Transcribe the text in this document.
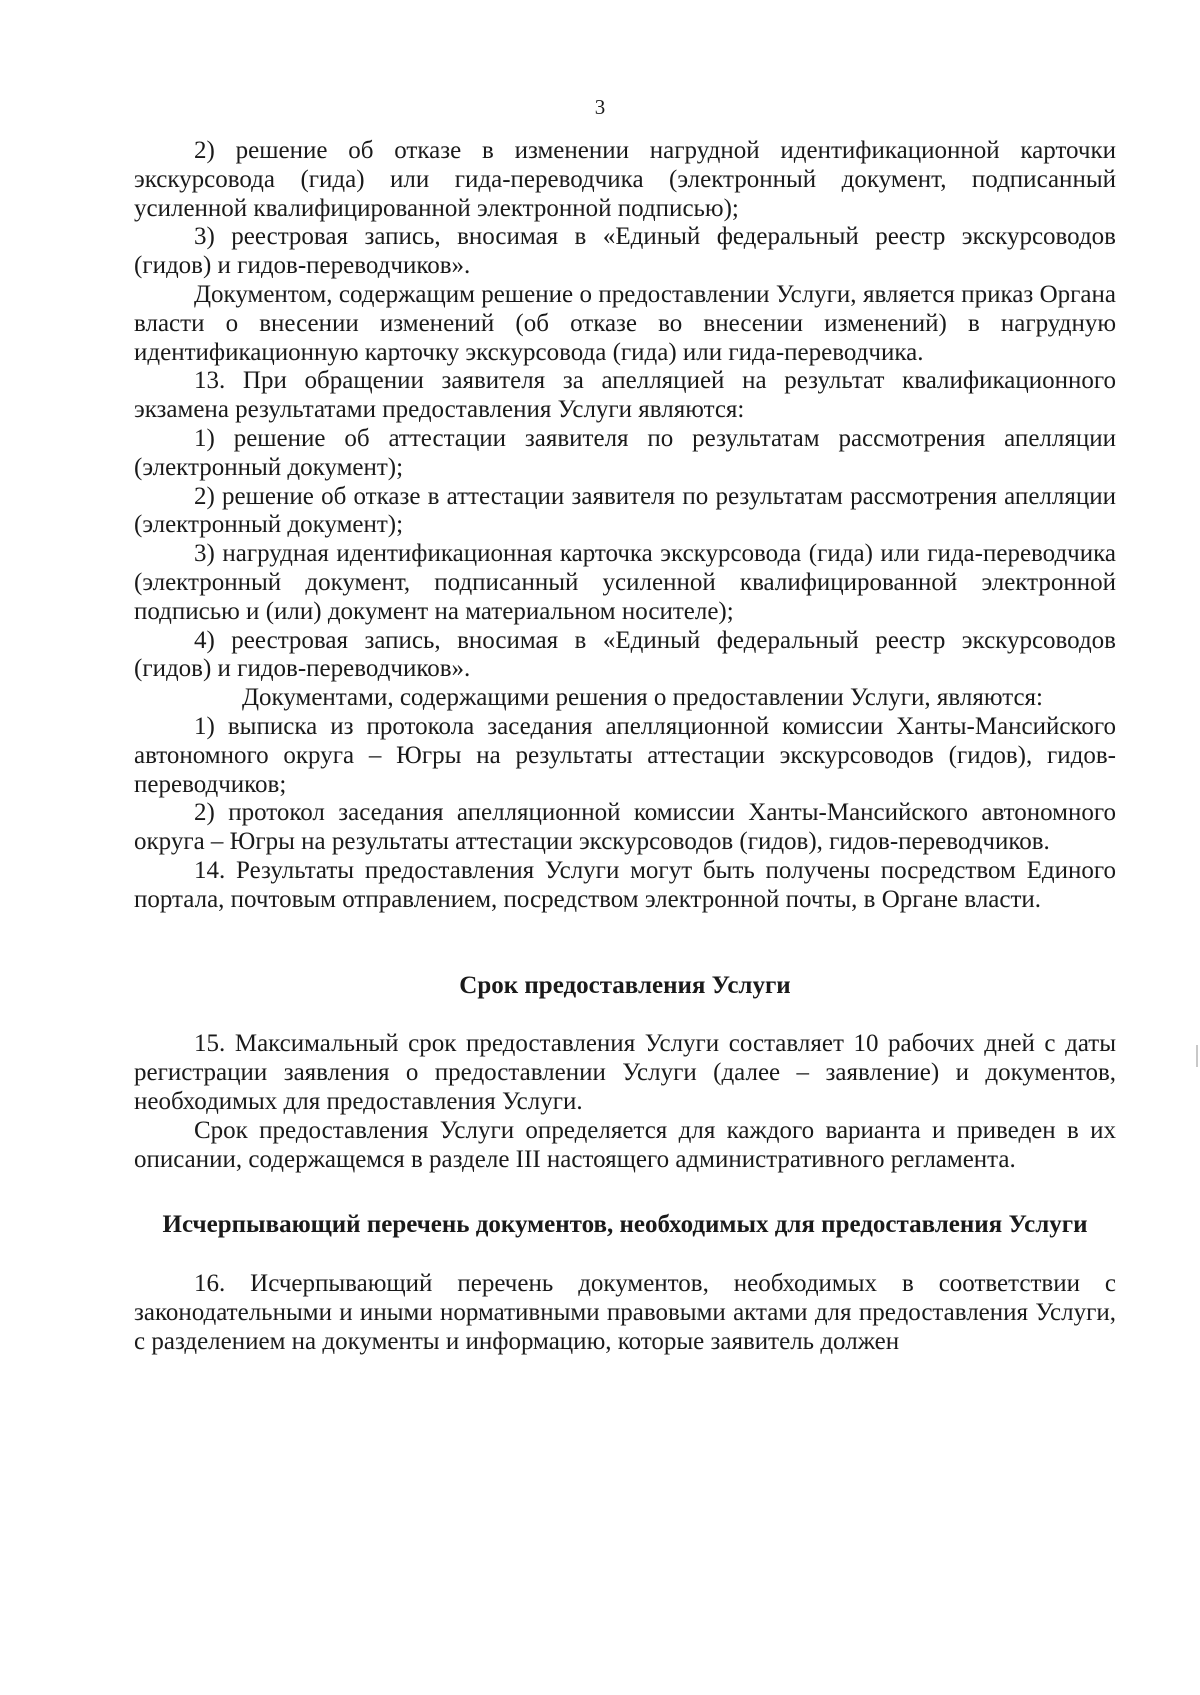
3

2) решение об отказе в изменении нагрудной идентификационной карточки экскурсовода (гида) или гида-переводчика (электронный документ, подписанный усиленной квалифицированной электронной подписью);

3) реестровая запись, вносимая в «Единый федеральный реестр экскурсоводов (гидов) и гидов-переводчиков».

Документом, содержащим решение о предоставлении Услуги, является приказ Органа власти о внесении изменений (об отказе во внесении изменений) в нагрудную идентификационную карточку экскурсовода (гида) или гида-переводчика.

13. При обращении заявителя за апелляцией на результат квалификационного экзамена результатами предоставления Услуги являются:

1) решение об аттестации заявителя по результатам рассмотрения апелляции (электронный документ);

2) решение об отказе в аттестации заявителя по результатам рассмотрения апелляции (электронный документ);

3) нагрудная идентификационная карточка экскурсовода (гида) или гида-переводчика (электронный документ, подписанный усиленной квалифицированной электронной подписью и (или) документ на материальном носителе);

4) реестровая запись, вносимая в «Единый федеральный реестр экскурсоводов (гидов) и гидов-переводчиков».

Документами, содержащими решения о предоставлении Услуги, являются:

1) выписка из протокола заседания апелляционной комиссии Ханты-Мансийского автономного округа – Югры на результаты аттестации экскурсоводов (гидов), гидов-переводчиков;

2) протокол заседания апелляционной комиссии Ханты-Мансийского автономного округа – Югры на результаты аттестации экскурсоводов (гидов), гидов-переводчиков.

14. Результаты предоставления Услуги могут быть получены посредством Единого портала, почтовым отправлением, посредством электронной почты, в Органе власти.

Срок предоставления Услуги

15. Максимальный срок предоставления Услуги составляет 10 рабочих дней с даты регистрации заявления о предоставлении Услуги (далее – заявление) и документов, необходимых для предоставления Услуги.

Срок предоставления Услуги определяется для каждого варианта и приведен в их описании, содержащемся в разделе III настоящего административного регламента.

Исчерпывающий перечень документов, необходимых для предоставления Услуги

16. Исчерпывающий перечень документов, необходимых в соответствии с законодательными и иными нормативными правовыми актами для предоставления Услуги, с разделением на документы и информацию, которые заявитель должен
